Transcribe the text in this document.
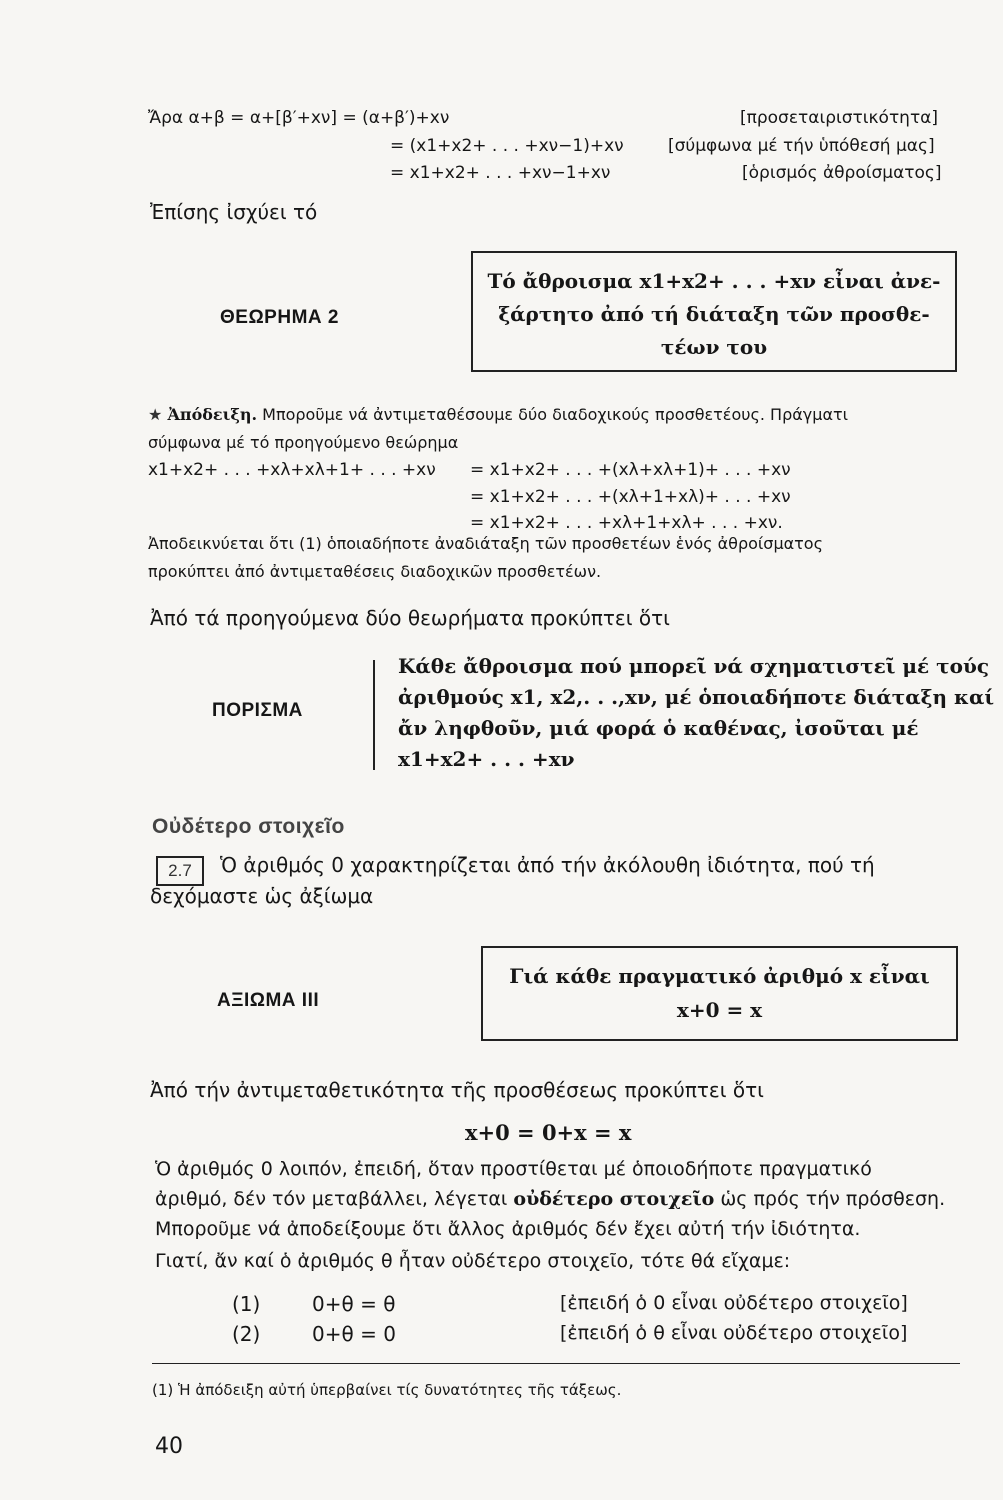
Ἄρα α+β = α+[β′+xν] = (α+β′)+xν	[προσεταιριστικότητα]
= (x1+x2+ . . . +xν−1)+xν	[σύμφωνα μέ τήν ὑπόθεσή μας]
= x1+x2+ . . . +xν−1+xν	[ὁρισμός ἀθροίσματος]
Ἐπίσης ἰσχύει τό
ΘΕΩΡΗΜΑ 2
Τό ἄθροισμα x1+x2+ . . . +xν εἶναι ἀνε-
ξάρτητο ἀπό τή διάταξη τῶν προσθε-
τέων του
★ Ἀπόδειξη. Μποροῦμε νά ἀντιμεταθέσουμε δύο διαδοχικούς προσθετέους. Πράγματι
σύμφωνα μέ τό προηγούμενο θεώρημα
x1+x2+ . . . +xλ+xλ+1+ . . . +xν = x1+x2+ . . . +(xλ+xλ+1)+ . . . +xν
= x1+x2+ . . . +(xλ+1+xλ)+ . . . +xν
= x1+x2+ . . . +xλ+1+xλ+ . . . +xν.
Ἀποδεικνύεται ὅτι (1) ὁποιαδήποτε ἀναδιάταξη τῶν προσθετέων ἑνός ἀθροίσματος
προκύπτει ἀπό ἀντιμεταθέσεις διαδοχικῶν προσθετέων.
Ἀπό τά προηγούμενα δύο θεωρήματα προκύπτει ὅτι
ΠΟΡΙΣΜΑ
Κάθε ἄθροισμα πού μπορεῖ νά σχηματιστεῖ μέ τούς
ἀριθμούς x1, x2,. . .,xν, μέ ὁποιαδήποτε διάταξη καί
ἄν ληφθοῦν, μιά φορά ὁ καθένας, ἰσοῦται μέ
x1+x2+ . . . +xν
Οὐδέτερο στοιχεῖο
2.7	Ὁ ἀριθμός 0 χαρακτηρίζεται ἀπό τήν ἀκόλουθη ἰδιότητα, πού τή
δεχόμαστε ὡς ἀξίωμα
ΑΞΙΩΜΑ ΙΙΙ
Γιά κάθε πραγματικό ἀριθμό x εἶναι
x+0 = x
Ἀπό τήν ἀντιμεταθετικότητα τῆς προσθέσεως προκύπτει ὅτι
x+0 = 0+x = x
Ὁ ἀριθμός 0 λοιπόν, ἐπειδή, ὅταν προστίθεται μέ ὁποιοδήποτε πραγματικό
ἀριθμό, δέν τόν μεταβάλλει, λέγεται οὐδέτερο στοιχεῖο ὡς πρός τήν πρόσθεση.
Μποροῦμε νά ἀποδείξουμε ὅτι ἄλλος ἀριθμός δέν ἔχει αὐτή τήν ἰδιότητα.
Γιατί, ἄν καί ὁ ἀριθμός θ ἦταν οὐδέτερο στοιχεῖο, τότε θά εἴχαμε:
(1)	0+θ = θ	[ἐπειδή ὁ 0 εἶναι οὐδέτερο στοιχεῖο]
(2)	0+θ = 0	[ἐπειδή ὁ θ εἶναι οὐδέτερο στοιχεῖο]
(1) Ἡ ἀπόδειξη αὐτή ὑπερβαίνει τίς δυνατότητες τῆς τάξεως.
40
